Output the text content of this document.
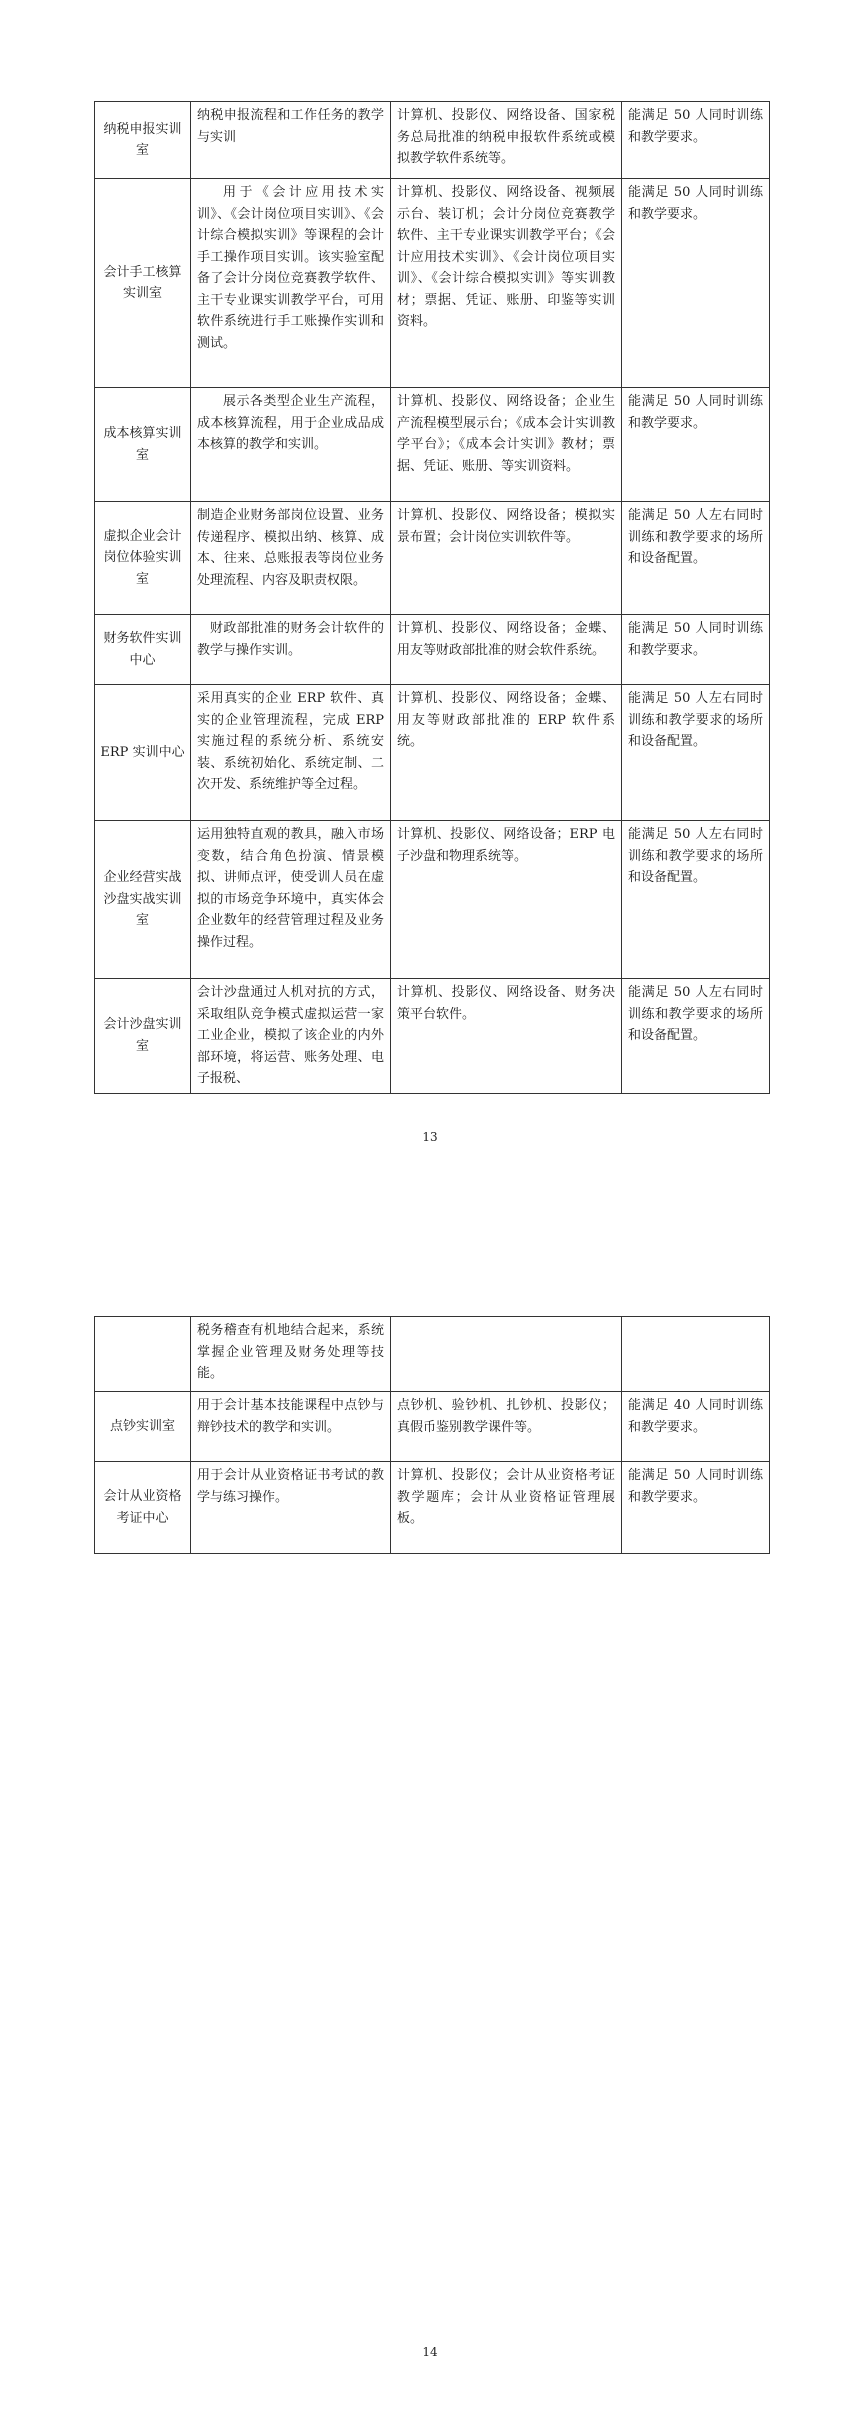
纳税申报实训室	纳税申报流程和工作任务的教学与实训	计算机、投影仪、网络设备、国家税务总局批准的纳税申报软件系统或模拟教学软件系统等。	能满足 50 人同时训练和教学要求。
会计手工核算实训室	用于《会计应用技术实训》、《会计岗位项目实训》、《会计综合模拟实训》等课程的会计手工操作项目实训。该实验室配备了会计分岗位竞赛教学软件、主干专业课实训教学平台，可用软件系统进行手工账操作实训和测试。	计算机、投影仪、网络设备、视频展示台、装订机；会计分岗位竞赛教学软件、主干专业课实训教学平台；《会计应用技术实训》、《会计岗位项目实训》、《会计综合模拟实训》等实训教材；票据、凭证、账册、印鉴等实训资料。	能满足 50 人同时训练和教学要求。
成本核算实训室	展示各类型企业生产流程，成本核算流程，用于企业成品成本核算的教学和实训。	计算机、投影仪、网络设备；企业生产流程模型展示台；《成本会计实训教学平台》；《成本会计实训》教材；票据、凭证、账册、等实训资料。	能满足 50 人同时训练和教学要求。
虚拟企业会计岗位体验实训室	制造企业财务部岗位设置、业务传递程序、模拟出纳、核算、成本、往来、总账报表等岗位业务处理流程、内容及职责权限。	计算机、投影仪、网络设备；模拟实景布置；会计岗位实训软件等。	能满足 50 人左右同时训练和教学要求的场所和设备配置。
财务软件实训中心	财政部批准的财务会计软件的教学与操作实训。	计算机、投影仪、网络设备；金蝶、用友等财政部批准的财会软件系统。	能满足 50 人同时训练和教学要求。
ERP 实训中心	采用真实的企业 ERP 软件、真实的企业管理流程，完成 ERP 实施过程的系统分析、系统安装、系统初始化、系统定制、二次开发、系统维护等全过程。	计算机、投影仪、网络设备；金蝶、用友等财政部批准的 ERP 软件系统。	能满足 50 人左右同时训练和教学要求的场所和设备配置。
企业经营实战沙盘实战实训室	运用独特直观的教具，融入市场变数，结合角色扮演、情景模拟、讲师点评，使受训人员在虚拟的市场竞争环境中，真实体会企业数年的经营管理过程及业务操作过程。	计算机、投影仪、网络设备；ERP 电子沙盘和物理系统等。	能满足 50 人左右同时训练和教学要求的场所和设备配置。
会计沙盘实训室	会计沙盘通过人机对抗的方式，采取组队竞争模式虚拟运营一家工业企业，模拟了该企业的内外部环境，将运营、账务处理、电子报税、	计算机、投影仪、网络设备、财务决策平台软件。	能满足 50 人左右同时训练和教学要求的场所和设备配置。
13
	税务稽查有机地结合起来，系统掌握企业管理及财务处理等技能。		
点钞实训室	用于会计基本技能课程中点钞与辩钞技术的教学和实训。	点钞机、验钞机、扎钞机、投影仪；真假币鉴别教学课件等。	能满足 40 人同时训练和教学要求。
会计从业资格考证中心	用于会计从业资格证书考试的教学与练习操作。	计算机、投影仪；会计从业资格考证教学题库；会计从业资格证管理展板。	能满足 50 人同时训练和教学要求。
14
